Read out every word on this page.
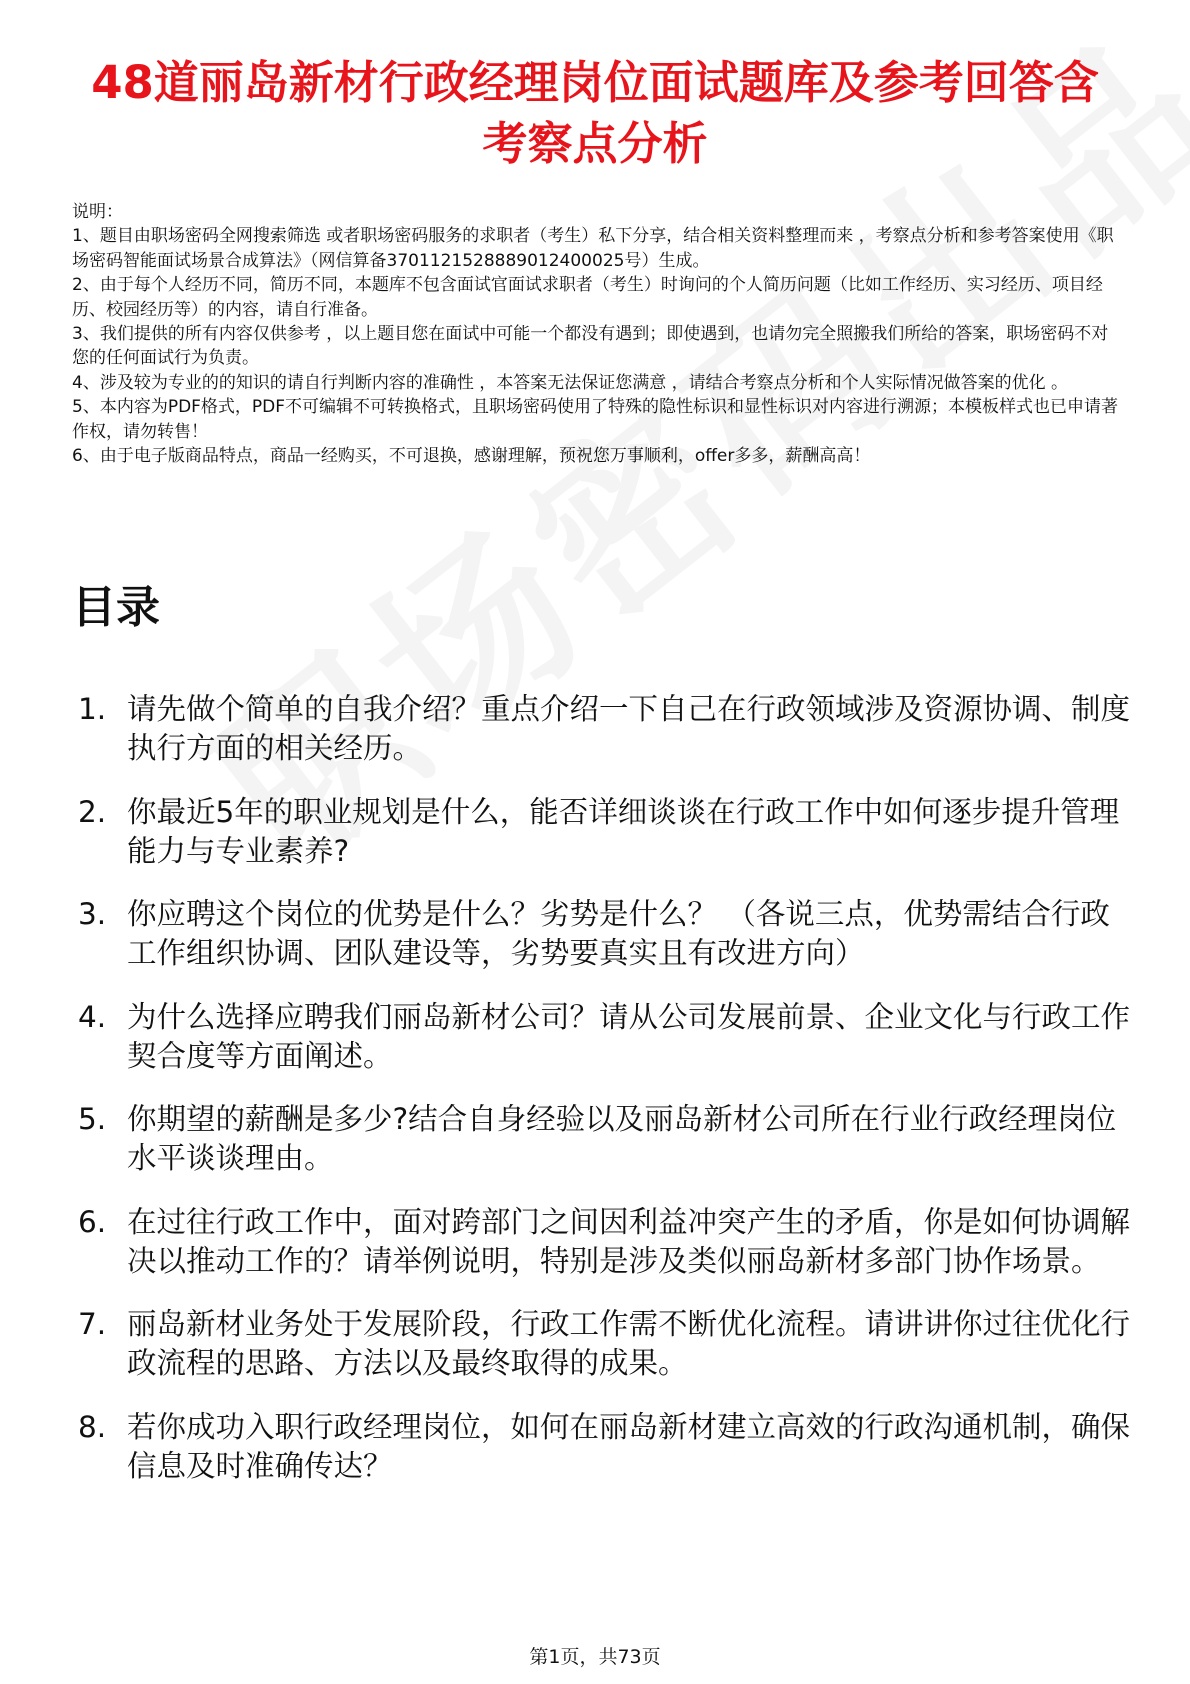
48道丽岛新材行政经理岗位面试题库及参考回答含考察点分析

说明：

1、题目由职场密码全网搜索筛选 或者职场密码服务的求职者（考生）私下分享，结合相关资料整理而来 ，考察点分析和参考答案使用《职场密码智能面试场景合成算法》（网信算备3701121528889012400025号）生成。

2、由于每个人经历不同，简历不同，本题库不包含面试官面试求职者（考生）时询问的个人简历问题（比如工作经历、实习经历、项目经历、校园经历等）的内容，请自行准备。

3、我们提供的所有内容仅供参考 ，以上题目您在面试中可能一个都没有遇到；即使遇到，也请勿完全照搬我们所给的答案，职场密码不对您的任何面试行为负责。

4、涉及较为专业的的知识的请自行判断内容的准确性 ，本答案无法保证您满意 ，请结合考察点分析和个人实际情况做答案的优化 。

5、本内容为PDF格式，PDF不可编辑不可转换格式，且职场密码使用了特殊的隐性标识和显性标识对内容进行溯源；本模板样式也已申请著作权，请勿转售！

6、由于电子版商品特点，商品一经购买，不可退换，感谢理解，预祝您万事顺利，offer多多，薪酬高高！

目录
1. 请先做个简单的自我介绍？重点介绍一下自己在行政领域涉及资源协调、制度执行方面的相关经历。
2. 你最近5年的职业规划是什么，能否详细谈谈在行政工作中如何逐步提升管理能力与专业素养?
3. 你应聘这个岗位的优势是什么？劣势是什么？ （各说三点，优势需结合行政工作组织协调、团队建设等，劣势要真实且有改进方向）
4. 为什么选择应聘我们丽岛新材公司？请从公司发展前景、企业文化与行政工作契合度等方面阐述。
5. 你期望的薪酬是多少?结合自身经验以及丽岛新材公司所在行业行政经理岗位水平谈谈理由。
6. 在过往行政工作中，面对跨部门之间因利益冲突产生的矛盾，你是如何协调解决以推动工作的？请举例说明，特别是涉及类似丽岛新材多部门协作场景。
7. 丽岛新材业务处于发展阶段，行政工作需不断优化流程。请讲讲你过往优化行政流程的思路、方法以及最终取得的成果。
8. 若你成功入职行政经理岗位，如何在丽岛新材建立高效的行政沟通机制，确保信息及时准确传达？
第1页，共73页
